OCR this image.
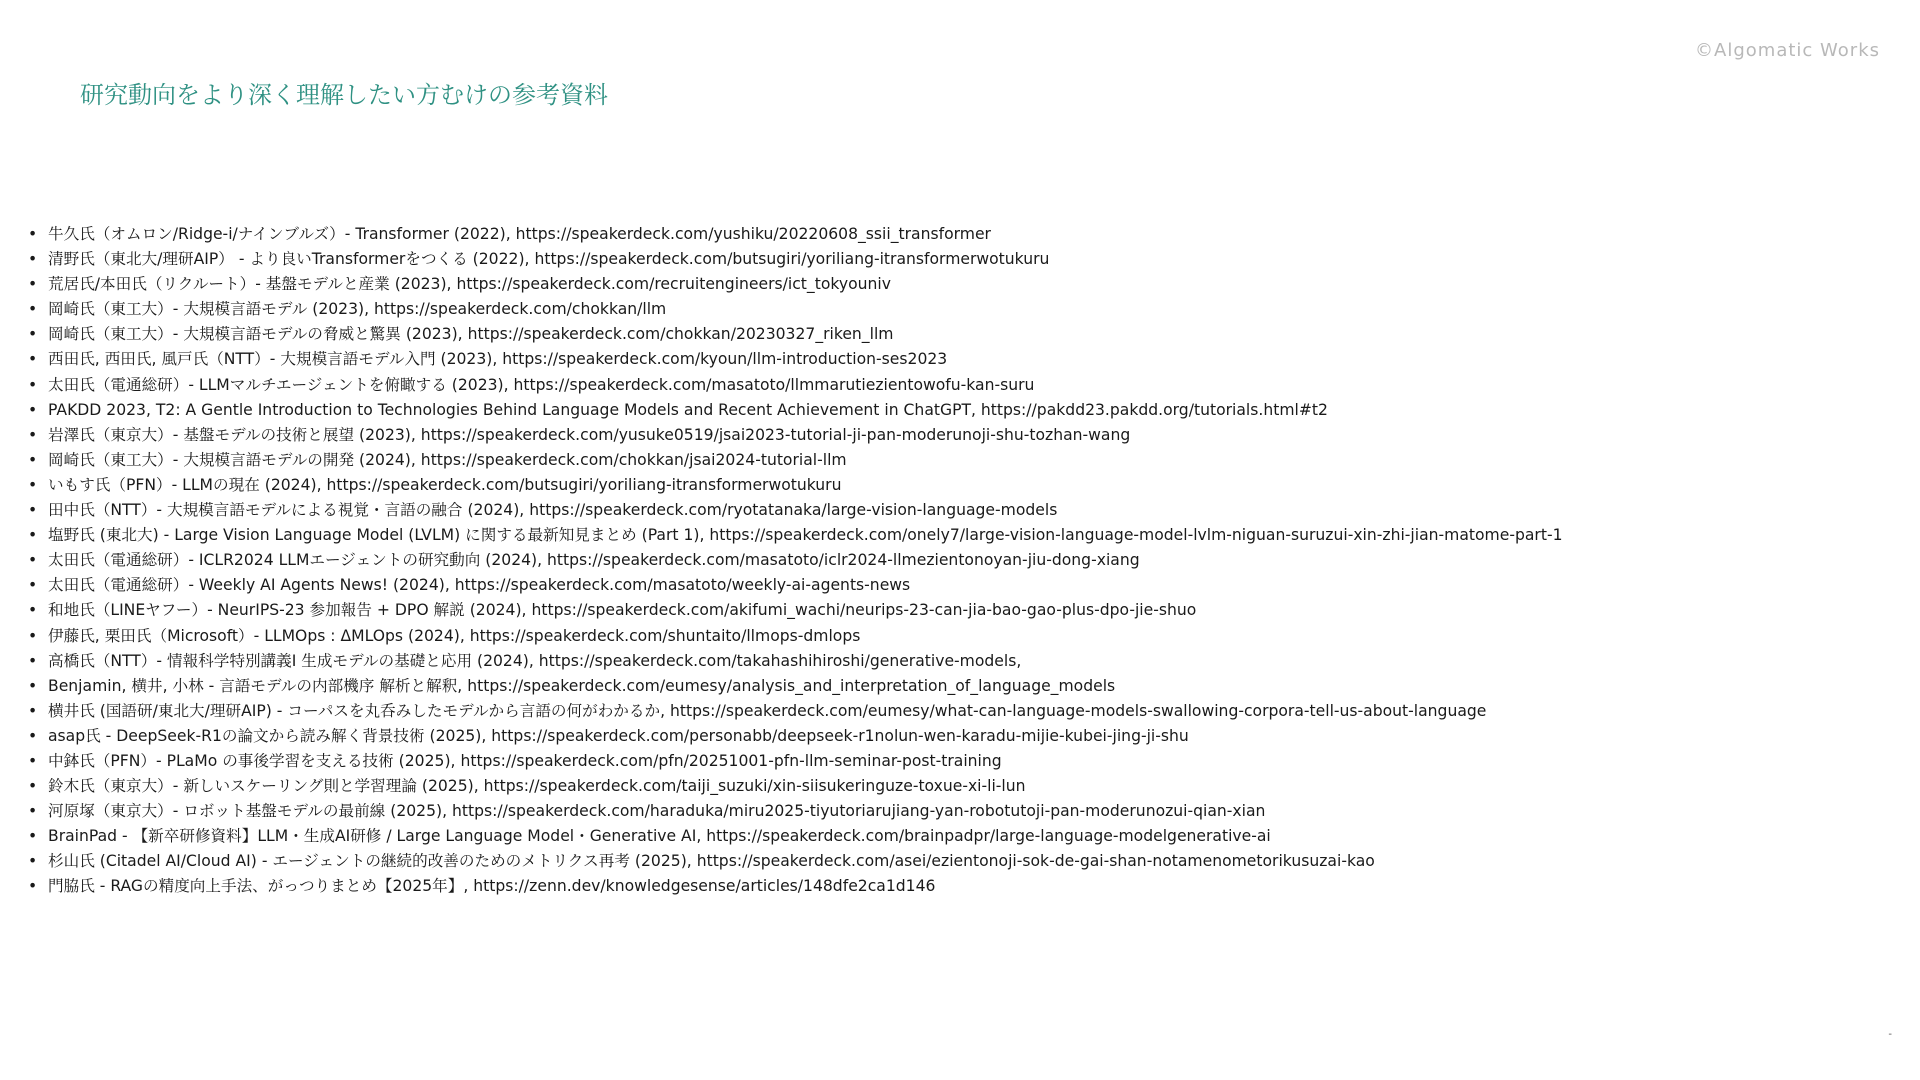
©Algomatic Works
研究動向をより深く理解したい方むけの参考資料
• 牛久氏（オムロン/Ridge-i/ナインブルズ）- Transformer (2022), https://speakerdeck.com/yushiku/20220608_ssii_transformer
• 清野氏（東北大/理研AIP） - より良いTransformerをつくる (2022), https://speakerdeck.com/butsugiri/yoriliang-itransformerwotukuru
• 荒居氏/本田氏（リクルート）- 基盤モデルと産業 (2023), https://speakerdeck.com/recruitengineers/ict_tokyouniv
• 岡崎氏（東工大）- 大規模言語モデル (2023), https://speakerdeck.com/chokkan/llm
• 岡崎氏（東工大）- 大規模言語モデルの脅威と驚異 (2023), https://speakerdeck.com/chokkan/20230327_riken_llm
• 西田氏, 西田氏, 風戸氏（NTT）- 大規模言語モデル入門 (2023), https://speakerdeck.com/kyoun/llm-introduction-ses2023
• 太田氏（電通総研）- LLMマルチエージェントを俯瞰する (2023), https://speakerdeck.com/masatoto/llmmarutiezientowofu-kan-suru
• PAKDD 2023, T2: A Gentle Introduction to Technologies Behind Language Models and Recent Achievement in ChatGPT, https://pakdd23.pakdd.org/tutorials.html#t2
• 岩澤氏（東京大）- 基盤モデルの技術と展望 (2023), https://speakerdeck.com/yusuke0519/jsai2023-tutorial-ji-pan-moderunoji-shu-tozhan-wang
• 岡崎氏（東工大）- 大規模言語モデルの開発 (2024), https://speakerdeck.com/chokkan/jsai2024-tutorial-llm
• いもす氏（PFN）- LLMの現在 (2024), https://speakerdeck.com/butsugiri/yoriliang-itransformerwotukuru
• 田中氏（NTT）- 大規模言語モデルによる視覚・言語の融合 (2024), https://speakerdeck.com/ryotatanaka/large-vision-language-models
• 塩野氏 (東北大) - Large Vision Language Model (LVLM) に関する最新知見まとめ (Part 1), https://speakerdeck.com/onely7/large-vision-language-model-lvlm-niguan-suruzui-xin-zhi-jian-matome-part-1
• 太田氏（電通総研）- ICLR2024 LLMエージェントの研究動向 (2024), https://speakerdeck.com/masatoto/iclr2024-llmezientonoyan-jiu-dong-xiang
• 太田氏（電通総研）- Weekly AI Agents News! (2024), https://speakerdeck.com/masatoto/weekly-ai-agents-news
• 和地氏（LINEヤフー）- NeurIPS-23 参加報告 + DPO 解説 (2024), https://speakerdeck.com/akifumi_wachi/neurips-23-can-jia-bao-gao-plus-dpo-jie-shuo
• 伊藤氏, 栗田氏（Microsoft）- LLMOps : ΔMLOps (2024), https://speakerdeck.com/shuntaito/llmops-dmlops
• 高橋氏（NTT）- 情報科学特別講義Ⅰ 生成モデルの基礎と応用 (2024), https://speakerdeck.com/takahashihiroshi/generative-models,
• Benjamin, 横井, 小林 - 言語モデルの内部機序 解析と解釈, https://speakerdeck.com/eumesy/analysis_and_interpretation_of_language_models
• 横井氏 (国語研/東北大/理研AIP) - コーパスを丸呑みしたモデルから言語の何がわかるか, https://speakerdeck.com/eumesy/what-can-language-models-swallowing-corpora-tell-us-about-language
• asap氏 - DeepSeek-R1の論文から読み解く背景技術 (2025), https://speakerdeck.com/personabb/deepseek-r1nolun-wen-karadu-mijie-kubei-jing-ji-shu
• 中鉢氏（PFN）- PLaMo の事後学習を支える技術 (2025), https://speakerdeck.com/pfn/20251001-pfn-llm-seminar-post-training
• 鈴木氏（東京大）- 新しいスケーリング則と学習理論 (2025), https://speakerdeck.com/taiji_suzuki/xin-siisukeringuze-toxue-xi-li-lun
• 河原塚（東京大）- ロボット基盤モデルの最前線 (2025), https://speakerdeck.com/haraduka/miru2025-tiyutoriarujiang-yan-robotutoji-pan-moderunozui-qian-xian
• BrainPad - 【新卒研修資料】LLM・生成AI研修 / Large Language Model・Generative AI, https://speakerdeck.com/brainpadpr/large-language-modelgenerative-ai
• 杉山氏 (Citadel AI/Cloud AI) - エージェントの継続的改善のためのメトリクス再考 (2025), https://speakerdeck.com/asei/ezientonoji-sok-de-gai-shan-notamenometorikusuzai-kao
• 門脇氏 - RAGの精度向上手法、がっつりまとめ【2025年】, https://zenn.dev/knowledgesense/articles/148dfe2ca1d146
-
